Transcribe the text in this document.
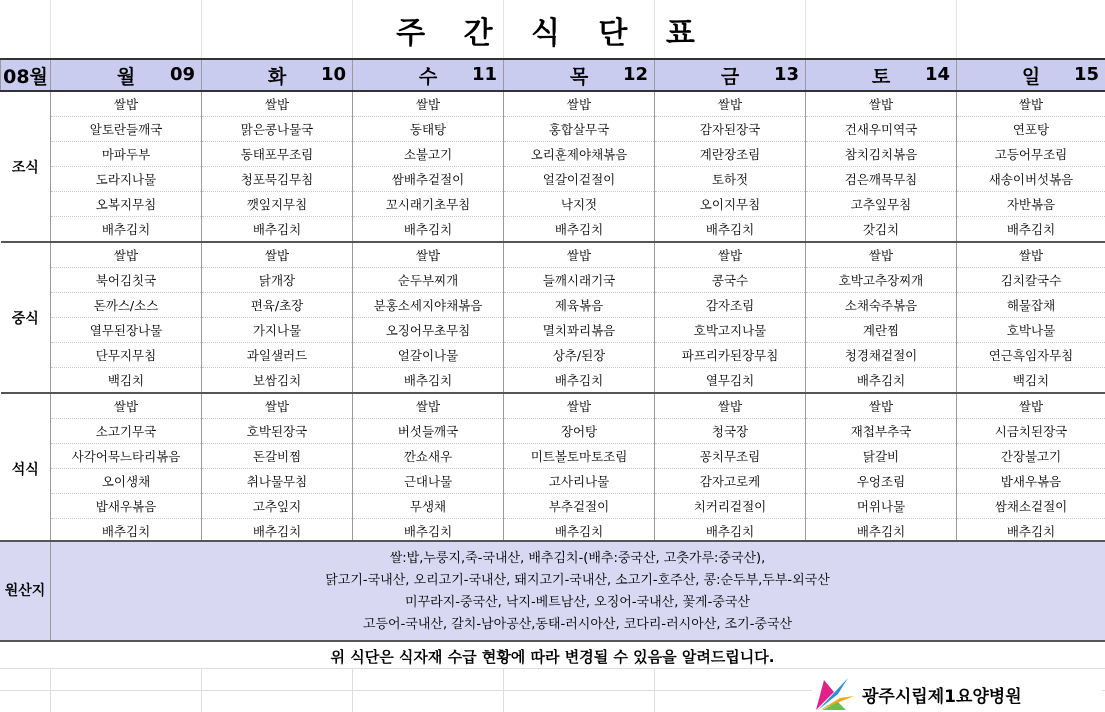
주 간 식 단 표
08월	월 09	화 10	수 11	목 12	금 13	토 14	일 15

조식	쌀밥	쌀밥	쌀밥	쌀밥	쌀밥	쌀밥	쌀밥
	알토란들깨국	맑은콩나물국	동태탕	홍합살무국	감자된장국	건새우미역국	연포탕
	마파두부	동태포무조림	소불고기	오리훈제야채볶음	계란장조림	참치김치볶음	고등어무조림
	도라지나물	청포묵김무침	쌈배추겉절이	얼갈이겉절이	토하젓	검은깨묵무침	새송이버섯볶음
	오복지무침	깻잎지무침	꼬시래기초무침	낙지젓	오이지무침	고추잎무침	자반볶음
	배추김치	배추김치	배추김치	배추김치	배추김치	갓김치	배추김치
중식	쌀밥	쌀밥	쌀밥	쌀밥	쌀밥	쌀밥	쌀밥
	북어김칫국	닭개장	순두부찌개	들깨시래기국	콩국수	호박고추장찌개	김치칼국수
	돈까스/소스	편육/초장	분홍소세지야채볶음	제육볶음	감자조림	소채숙주볶음	해물잡채
	열무된장나물	가지나물	오징어무초무침	멸치꽈리볶음	호박고지나물	계란찜	호박나물
	단무지무침	과일샐러드	얼갈이나물	상추/된장	파프리카된장무침	청경채겉절이	연근흑임자무침
	백김치	보쌈김치	배추김치	배추김치	열무김치	배추김치	백김치
석식	쌀밥	쌀밥	쌀밥	쌀밥	쌀밥	쌀밥	쌀밥
	소고기무국	호박된장국	버섯들깨국	장어탕	청국장	재첩부추국	시금치된장국
	사각어묵느타리볶음	돈갈비찜	깐쇼새우	미트볼토마토조림	꽁치무조림	닭갈비	간장불고기
	오이생채	취나물무침	근대나물	고사리나물	감자고로케	우엉조림	밥새우볶음
	밥새우볶음	고추잎지	무생채	부추겉절이	치커리겉절이	머위나물	쌈채소겉절이
	배추김치	배추김치	배추김치	배추김치	배추김치	배추김치	배추김치
원산지
쌀:밥,누룽지,죽-국내산, 배추김치-(배추:중국산, 고춧가루:중국산),
닭고기-국내산, 오리고기-국내산, 돼지고기-국내산, 소고기-호주산, 콩:순두부,두부-외국산
미꾸라지-중국산, 낙지-베트남산, 오징어-국내산, 꽃게-중국산
고등어-국내산, 갈치-남아공산,동태-러시아산, 코다리-러시아산, 조기-중국산
위 식단은 식자재 수급 현황에 따라 변경될 수 있음을 알려드립니다.
광주시립제1요양병원
